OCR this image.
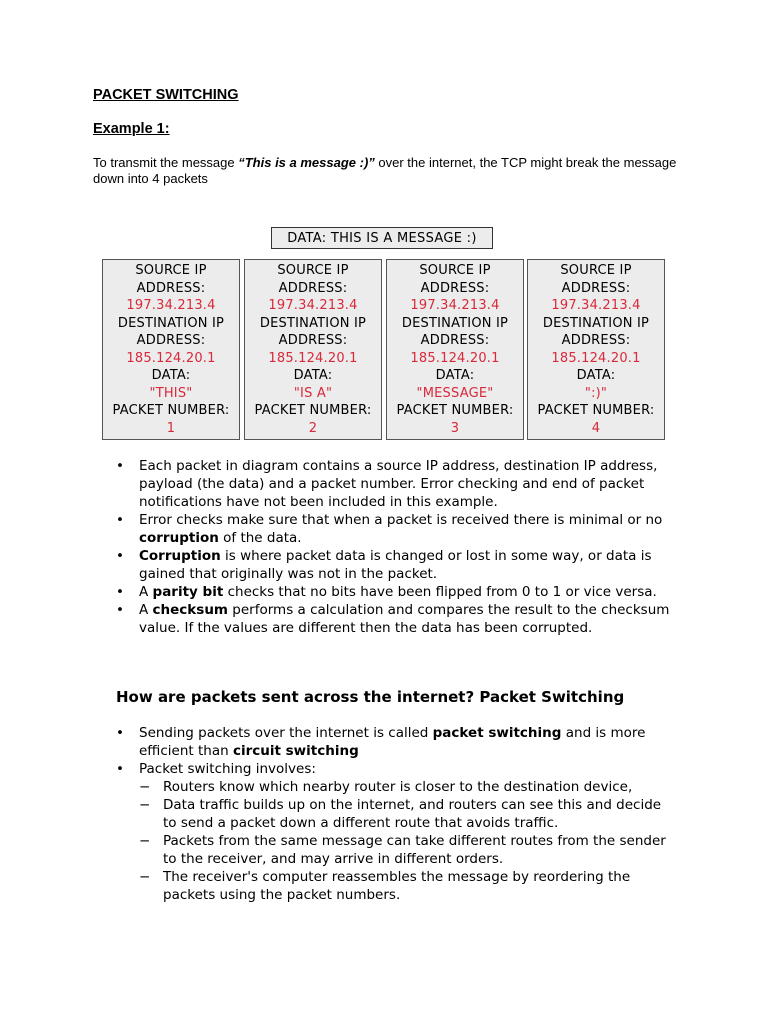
PACKET SWITCHING
Example 1:

To transmit the message “This is a message :)” over the internet, the TCP might break the message down into 4 packets

DATA: THIS IS A MESSAGE :)
SOURCE IP
ADDRESS:
197.34.213.4
DESTINATION IP
ADDRESS:
185.124.20.1
DATA:
"THIS"
PACKET NUMBER:
1
SOURCE IP
ADDRESS:
197.34.213.4
DESTINATION IP
ADDRESS:
185.124.20.1
DATA:
"IS A"
PACKET NUMBER:
2
SOURCE IP
ADDRESS:
197.34.213.4
DESTINATION IP
ADDRESS:
185.124.20.1
DATA:
"MESSAGE"
PACKET NUMBER:
3
SOURCE IP
ADDRESS:
197.34.213.4
DESTINATION IP
ADDRESS:
185.124.20.1
DATA:
":)"
PACKET NUMBER:
4
• Each packet in diagram contains a source IP address, destination IP address, payload (the data) and a packet number. Error checking and end of packet notifications have not been included in this example.
• Error checks make sure that when a packet is received there is minimal or no corruption of the data.
• Corruption is where packet data is changed or lost in some way, or data is gained that originally was not in the packet.
• A parity bit checks that no bits have been flipped from 0 to 1 or vice versa.
• A checksum performs a calculation and compares the result to the checksum value. If the values are different then the data has been corrupted.
How are packets sent across the internet? Packet Switching
• Sending packets over the internet is called packet switching and is more efficient than circuit switching
• Packet switching involves:
− Routers know which nearby router is closer to the destination device,
− Data traffic builds up on the internet, and routers can see this and decide to send a packet down a different route that avoids traffic.
− Packets from the same message can take different routes from the sender to the receiver, and may arrive in different orders.
− The receiver's computer reassembles the message by reordering the packets using the packet numbers.
